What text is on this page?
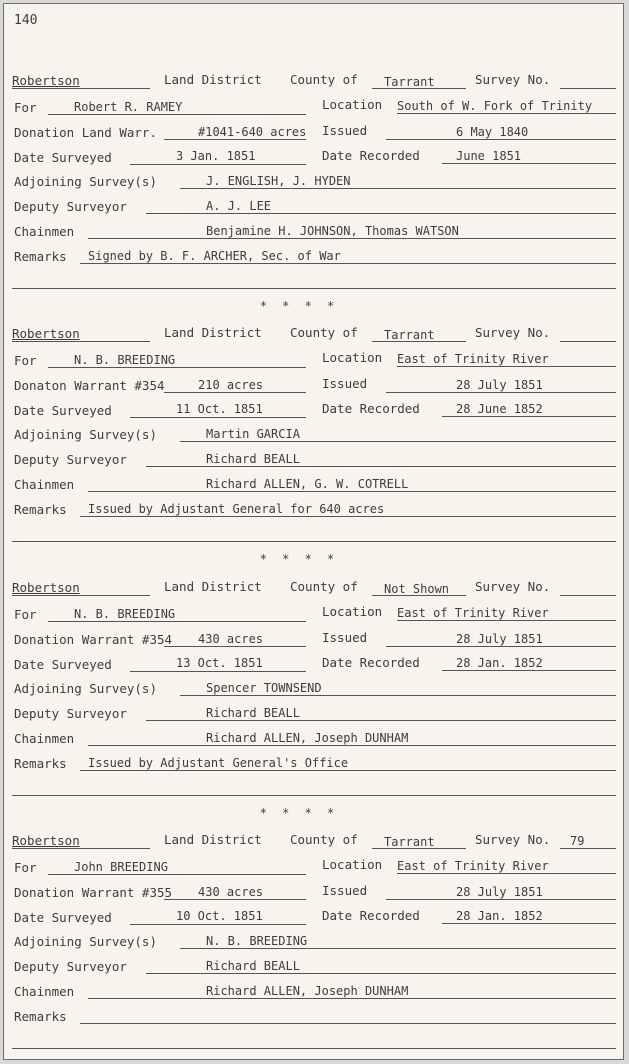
140
Robertson	Land District County of Tarrant	Survey No.
For	Robert R. RAMEY	Location South of W. Fork of Trinity
Donation Land Warr.	#1041-640 acres Issued	6 May 1840
Date Surveyed	3 Jan. 1851	Date Recorded	June 1851
Adjoining Survey(s)	J. ENGLISH, J. HYDEN
Deputy Surveyor	A. J. LEE
Chainmen	Benjamine H. JOHNSON, Thomas WATSON
Remarks Signed by B. F. ARCHER, Sec. of War
* * * *
Robertson	Land District County of Tarrant	Survey No.
For	N. B. BREEDING	Location East of Trinity River
Donaton Warrant #354	210 acres	Issued	28 July 1851
Date Surveyed	11 Oct. 1851	Date Recorded	28 June 1852
Adjoining Survey(s)	Martin GARCIA
Deputy Surveyor	Richard BEALL
Chainmen	Richard ALLEN, G. W. COTRELL
Remarks Issued by Adjustant General for 640 acres
* * * *
Robertson	Land District County of Not Shown Survey No.
For	N. B. BREEDING	Location East of Trinity River
Donation Warrant #354 430 acres	Issued	28 July 1851
Date Surveyed	13 Oct. 1851	Date Recorded	28 Jan. 1852
Adjoining Survey(s)	Spencer TOWNSEND
Deputy Surveyor	Richard BEALL
Chainmen	Richard ALLEN, Joseph DUNHAM
Remarks Issued by Adjustant General's Office
* * * *
Robertson	Land District County of Tarrant	Survey No. 79
For	John BREEDING	Location East of Trinity River
Donation Warrant #355 430 acres	Issued	28 July 1851
Date Surveyed	10 Oct. 1851	Date Recorded	28 Jan. 1852
Adjoining Survey(s)	N. B. BREEDING
Deputy Surveyor	Richard BEALL
Chainmen	Richard ALLEN, Joseph DUNHAM
Remarks
